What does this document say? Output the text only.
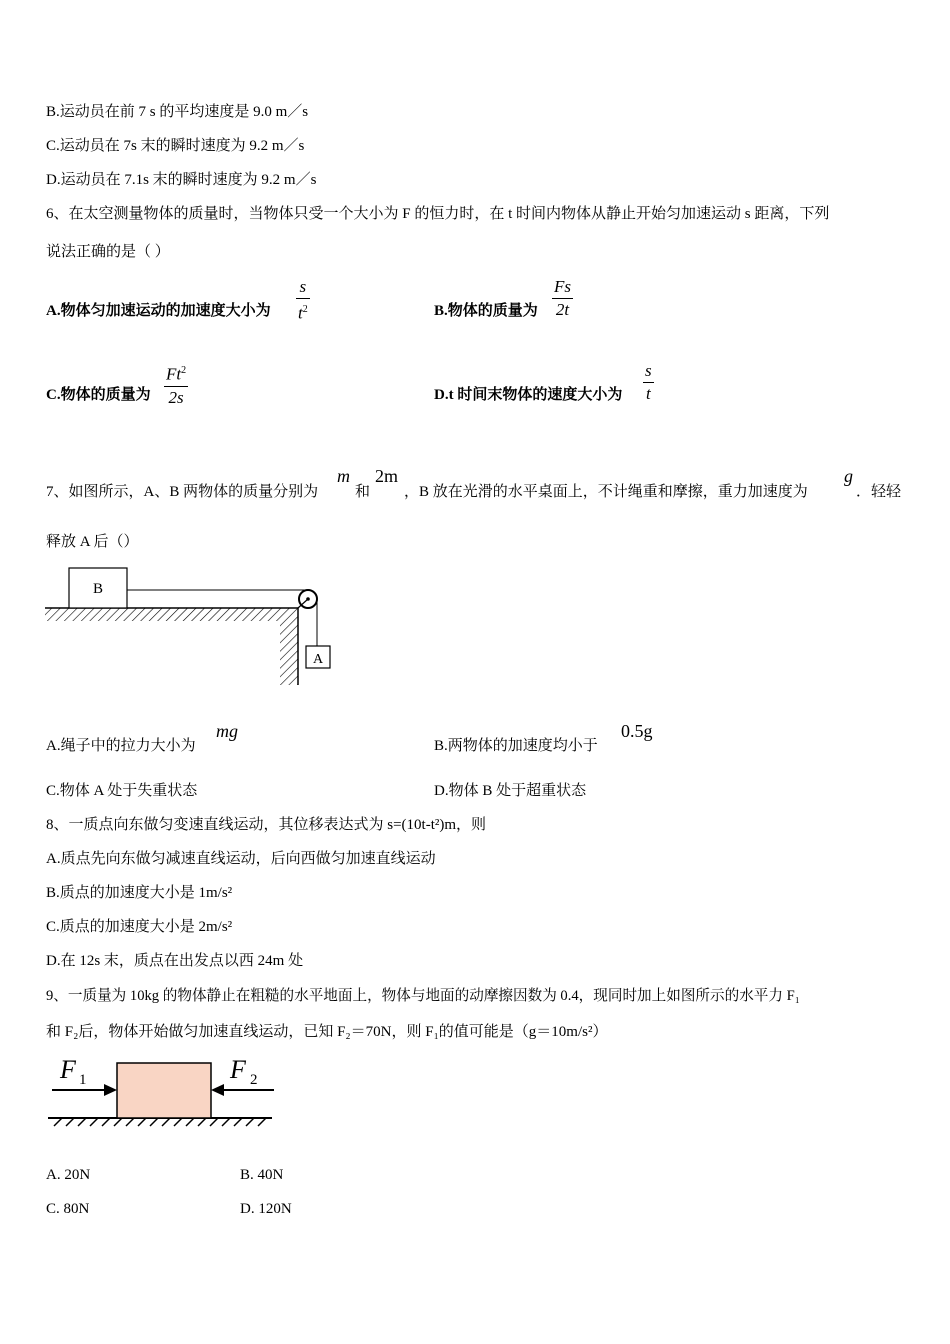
B.运动员在前 7 s 的平均速度是 9.0 m／s
C.运动员在 7s 末的瞬时速度为 9.2 m／s
D.运动员在 7.1s 末的瞬时速度为 9.2 m／s
6、在太空测量物体的质量时，当物体只受一个大小为 F 的恒力时，在 t 时间内物体从静止开始匀加速运动 s 距离，下列
说法正确的是（ ）
A.物体匀加速运动的加速度大小为
s
$t^2$	B.物体的质量为
Fs
2t
C.物体的质量为
Ft$^2$
2s	D.t 时间末物体的速度大小为
s
t
7、如图所示，A、B 两物体的质量分别为
m
和
2m
，B 放在光滑的水平桌面上，不计绳重和摩擦，重力加速度为
g
．轻轻
释放 A 后（）
B
A
A.绳子中的拉力大小为
mg
B.两物体的加速度均小于
0.5g
C.物体 A 处于失重状态	D.物体 B 处于超重状态
8、一质点向东做匀变速直线运动，其位移表达式为 s=(10t-t²)m，则
A.质点先向东做匀减速直线运动，后向西做匀加速直线运动
B.质点的加速度大小是 1m/s²
C.质点的加速度大小是 2m/s²
D.在 12s 末，质点在出发点以西 24m 处
9、一质量为 10kg 的物体静止在粗糙的水平地面上，物体与地面的动摩擦因数为 0.4，现同时加上如图所示的水平力 F₁
和 F₂后，物体开始做匀加速直线运动，已知 F₂＝70N，则 F₁的值可能是（g＝10m/s²）
F 1	F 2
A. 20N	B. 40N
C. 80N	D. 120N
